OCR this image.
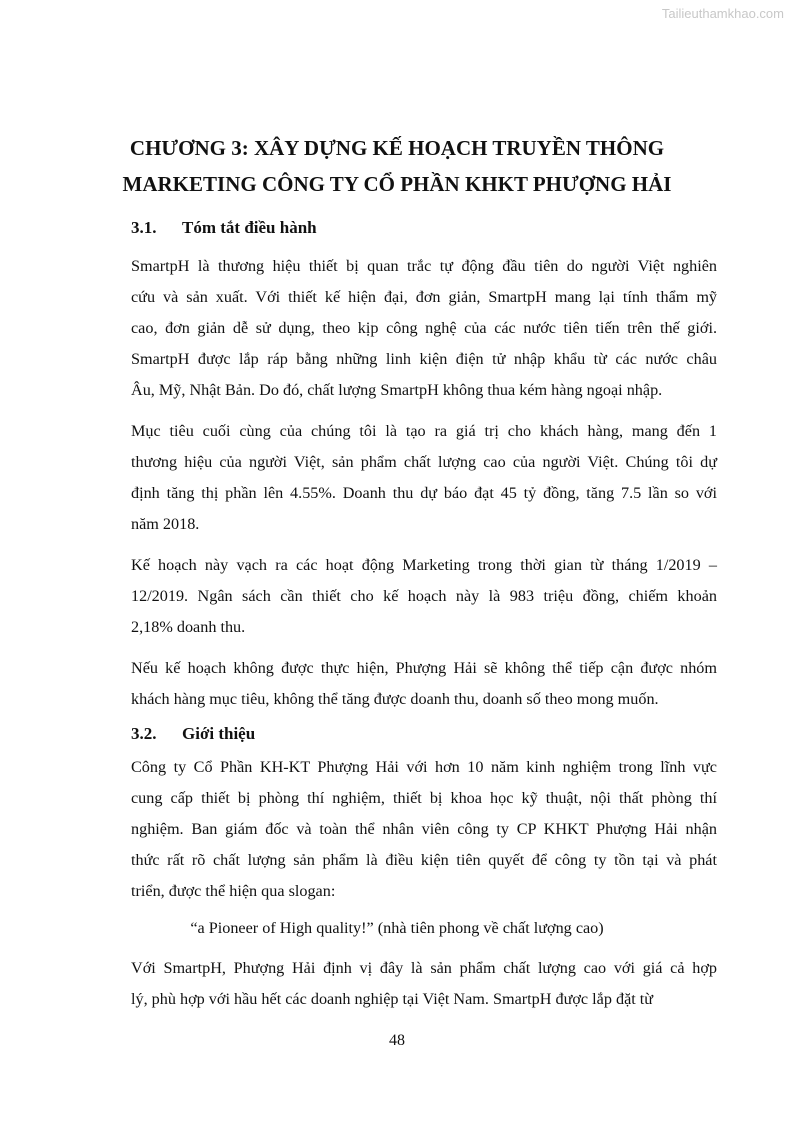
Tailieuthamkhao.com
CHƯƠNG 3: XÂY DỰNG KẾ HOẠCH TRUYỀN THÔNG
MARKETING CÔNG TY CỔ PHẦN KHKT PHƯỢNG HẢI
3.1. Tóm tắt điều hành
SmartpH là thương hiệu thiết bị quan trắc tự động đầu tiên do người Việt nghiên
cứu và sản xuất. Với thiết kế hiện đại, đơn giản, SmartpH mang lại tính thẩm mỹ
cao, đơn giản dễ sử dụng, theo kịp công nghệ của các nước tiên tiến trên thế giới.
SmartpH được lắp ráp bằng những linh kiện điện tử nhập khẩu từ các nước châu
Âu, Mỹ, Nhật Bản. Do đó, chất lượng SmartpH không thua kém hàng ngoại nhập.
Mục tiêu cuối cùng của chúng tôi là tạo ra giá trị cho khách hàng, mang đến 1
thương hiệu của người Việt, sản phẩm chất lượng cao của người Việt. Chúng tôi dự
định tăng thị phần lên 4.55%. Doanh thu dự báo đạt 45 tỷ đồng, tăng 7.5 lần so với
năm 2018.
Kế hoạch này vạch ra các hoạt động Marketing trong thời gian từ tháng 1/2019 –
12/2019. Ngân sách cần thiết cho kế hoạch này là 983 triệu đồng, chiếm khoản
2,18% doanh thu.
Nếu kế hoạch không được thực hiện, Phượng Hải sẽ không thể tiếp cận được nhóm
khách hàng mục tiêu, không thể tăng được doanh thu, doanh số theo mong muốn.
3.2. Giới thiệu
Công ty Cổ Phần KH-KT Phượng Hải với hơn 10 năm kinh nghiệm trong lĩnh vực
cung cấp thiết bị phòng thí nghiệm, thiết bị khoa học kỹ thuật, nội thất phòng thí
nghiệm. Ban giám đốc và toàn thể nhân viên công ty CP KHKT Phượng Hải nhận
thức rất rõ chất lượng sản phẩm là điều kiện tiên quyết để công ty tồn tại và phát
triển, được thể hiện qua slogan:
“a Pioneer of High quality!” (nhà tiên phong về chất lượng cao)
Với SmartpH, Phượng Hải định vị đây là sản phẩm chất lượng cao với giá cả hợp
lý, phù hợp với hầu hết các doanh nghiệp tại Việt Nam. SmartpH được lắp đặt từ
48
